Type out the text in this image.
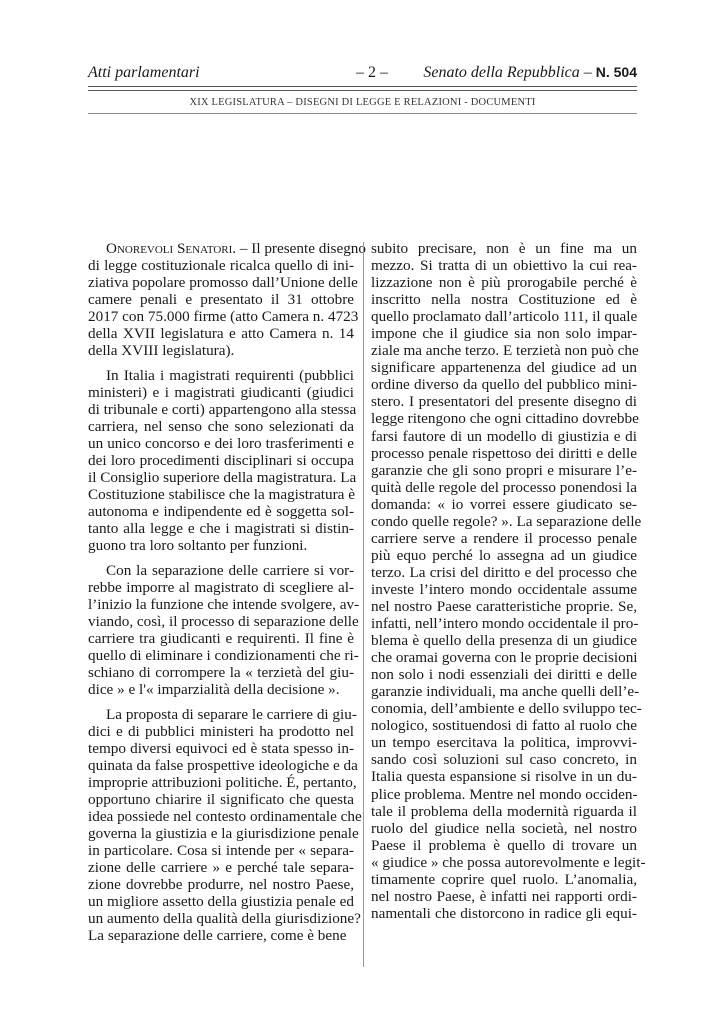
Atti parlamentari	– 2 – Senato della Repubblica – N. 504
XIX LEGISLATURA – DISEGNI DI LEGGE E RELAZIONI - DOCUMENTI
Onorevoli Senatori. – Il presente disegno
di legge costituzionale ricalca quello di ini-
ziativa popolare promosso dall’Unione delle
camere penali e presentato il 31 ottobre
2017 con 75.000 firme (atto Camera n. 4723
della XVII legislatura e atto Camera n. 14
della XVIII legislatura).
In Italia i magistrati requirenti (pubblici
ministeri) e i magistrati giudicanti (giudici
di tribunale e corti) appartengono alla stessa
carriera, nel senso che sono selezionati da
un unico concorso e dei loro trasferimenti e
dei loro procedimenti disciplinari si occupa
il Consiglio superiore della magistratura. La
Costituzione stabilisce che la magistratura è
autonoma e indipendente ed è soggetta sol-
tanto alla legge e che i magistrati si distin-
guono tra loro soltanto per funzioni.
Con la separazione delle carriere si vor-
rebbe imporre al magistrato di scegliere al-
l’inizio la funzione che intende svolgere, av-
viando, così, il processo di separazione delle
carriere tra giudicanti e requirenti. Il fine è
quello di eliminare i condizionamenti che ri-
schiano di corrompere la « terzietà del giu-
dice » e l'« imparzialità della decisione ».
La proposta di separare le carriere di giu-
dici e di pubblici ministeri ha prodotto nel
tempo diversi equivoci ed è stata spesso in-
quinata da false prospettive ideologiche e da
improprie attribuzioni politiche. É, pertanto,
opportuno chiarire il significato che questa
idea possiede nel contesto ordinamentale che
governa la giustizia e la giurisdizione penale
in particolare. Cosa si intende per « separa-
zione delle carriere » e perché tale separa-
zione dovrebbe produrre, nel nostro Paese,
un migliore assetto della giustizia penale ed
un aumento della qualità della giurisdizione?
La separazione delle carriere, come è bene
subito precisare, non è un fine ma un
mezzo. Si tratta di un obiettivo la cui rea-
lizzazione non è più prorogabile perché è
inscritto nella nostra Costituzione ed è
quello proclamato dall’articolo 111, il quale
impone che il giudice sia non solo impar-
ziale ma anche terzo. E terzietà non può che
significare appartenenza del giudice ad un
ordine diverso da quello del pubblico mini-
stero. I presentatori del presente disegno di
legge ritengono che ogni cittadino dovrebbe
farsi fautore di un modello di giustizia e di
processo penale rispettoso dei diritti e delle
garanzie che gli sono propri e misurare l’e-
quità delle regole del processo ponendosi la
domanda: « io vorrei essere giudicato se-
condo quelle regole? ». La separazione delle
carriere serve a rendere il processo penale
più equo perché lo assegna ad un giudice
terzo. La crisi del diritto e del processo che
investe l’intero mondo occidentale assume
nel nostro Paese caratteristiche proprie. Se,
infatti, nell’intero mondo occidentale il pro-
blema è quello della presenza di un giudice
che oramai governa con le proprie decisioni
non solo i nodi essenziali dei diritti e delle
garanzie individuali, ma anche quelli dell’e-
conomia, dell’ambiente e dello sviluppo tec-
nologico, sostituendosi di fatto al ruolo che
un tempo esercitava la politica, improvvi-
sando così soluzioni sul caso concreto, in
Italia questa espansione si risolve in un du-
plice problema. Mentre nel mondo occiden-
tale il problema della modernità riguarda il
ruolo del giudice nella società, nel nostro
Paese il problema è quello di trovare un
« giudice » che possa autorevolmente e legit-
timamente coprire quel ruolo. L’anomalia,
nel nostro Paese, è infatti nei rapporti ordi-
namentali che distorcono in radice gli equi-
